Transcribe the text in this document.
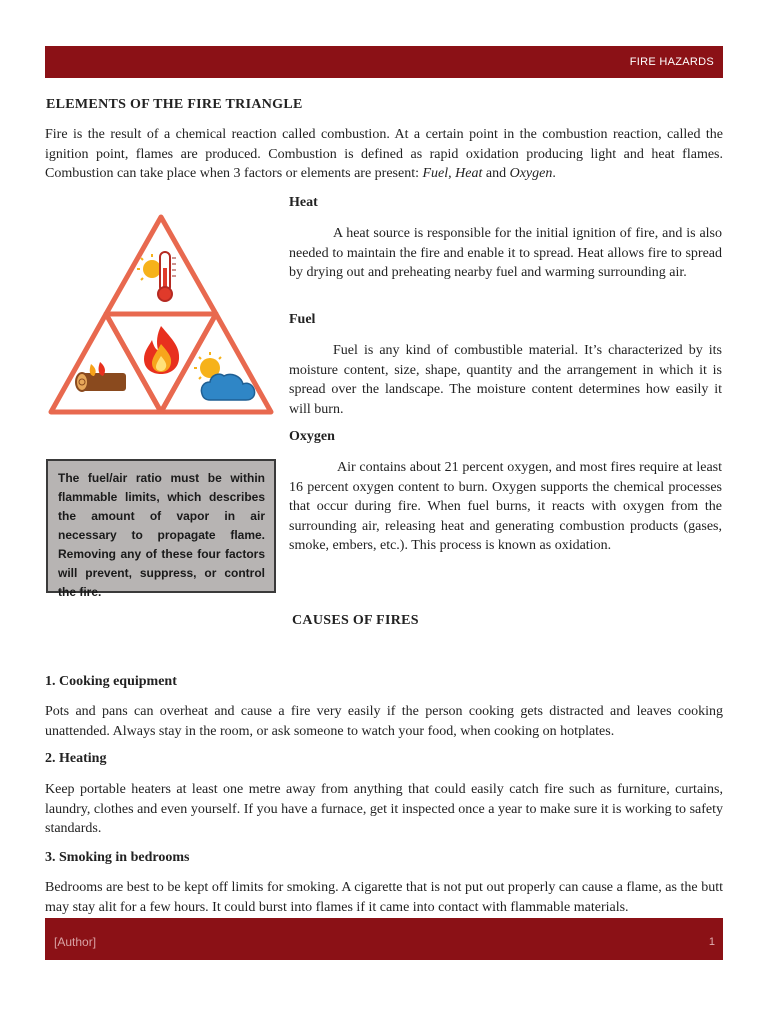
FIRE HAZARDS
ELEMENTS OF THE FIRE TRIANGLE

Fire is the result of a chemical reaction called combustion. At a certain point in the combustion reaction, called the ignition point, flames are produced. Combustion is defined as rapid oxidation producing light and heat flames. Combustion can take place when 3 factors or elements are present: Fuel, Heat and Oxygen.

The fuel/air ratio must be within flammable limits, which describes the amount of vapor in air necessary to propagate flame. Removing any of these four factors will prevent, suppress, or control the fire.

Heat

A heat source is responsible for the initial ignition of fire, and is also needed to maintain the fire and enable it to spread. Heat allows fire to spread by drying out and preheating nearby fuel and warming surrounding air.

Fuel

Fuel is any kind of combustible material. It’s characterized by its moisture content, size, shape, quantity and the arrangement in which it is spread over the landscape. The moisture content determines how easily it will burn.

Oxygen

Air contains about 21 percent oxygen, and most fires require at least 16 percent oxygen content to burn. Oxygen supports the chemical processes that occur during fire. When fuel burns, it reacts with oxygen from the surrounding air, releasing heat and generating combustion products (gases, smoke, embers, etc.). This process is known as oxidation.

CAUSES OF FIRES
1. Cooking equipment

Pots and pans can overheat and cause a fire very easily if the person cooking gets distracted and leaves cooking unattended. Always stay in the room, or ask someone to watch your food, when cooking on hotplates.

2. Heating

Keep portable heaters at least one metre away from anything that could easily catch fire such as furniture, curtains, laundry, clothes and even yourself. If you have a furnace, get it inspected once a year to make sure it is working to safety standards.

3. Smoking in bedrooms

Bedrooms are best to be kept off limits for smoking. A cigarette that is not put out properly can cause a flame, as the butt may stay alit for a few hours. It could burst into flames if it came into contact with flammable materials.

[Author]	1
